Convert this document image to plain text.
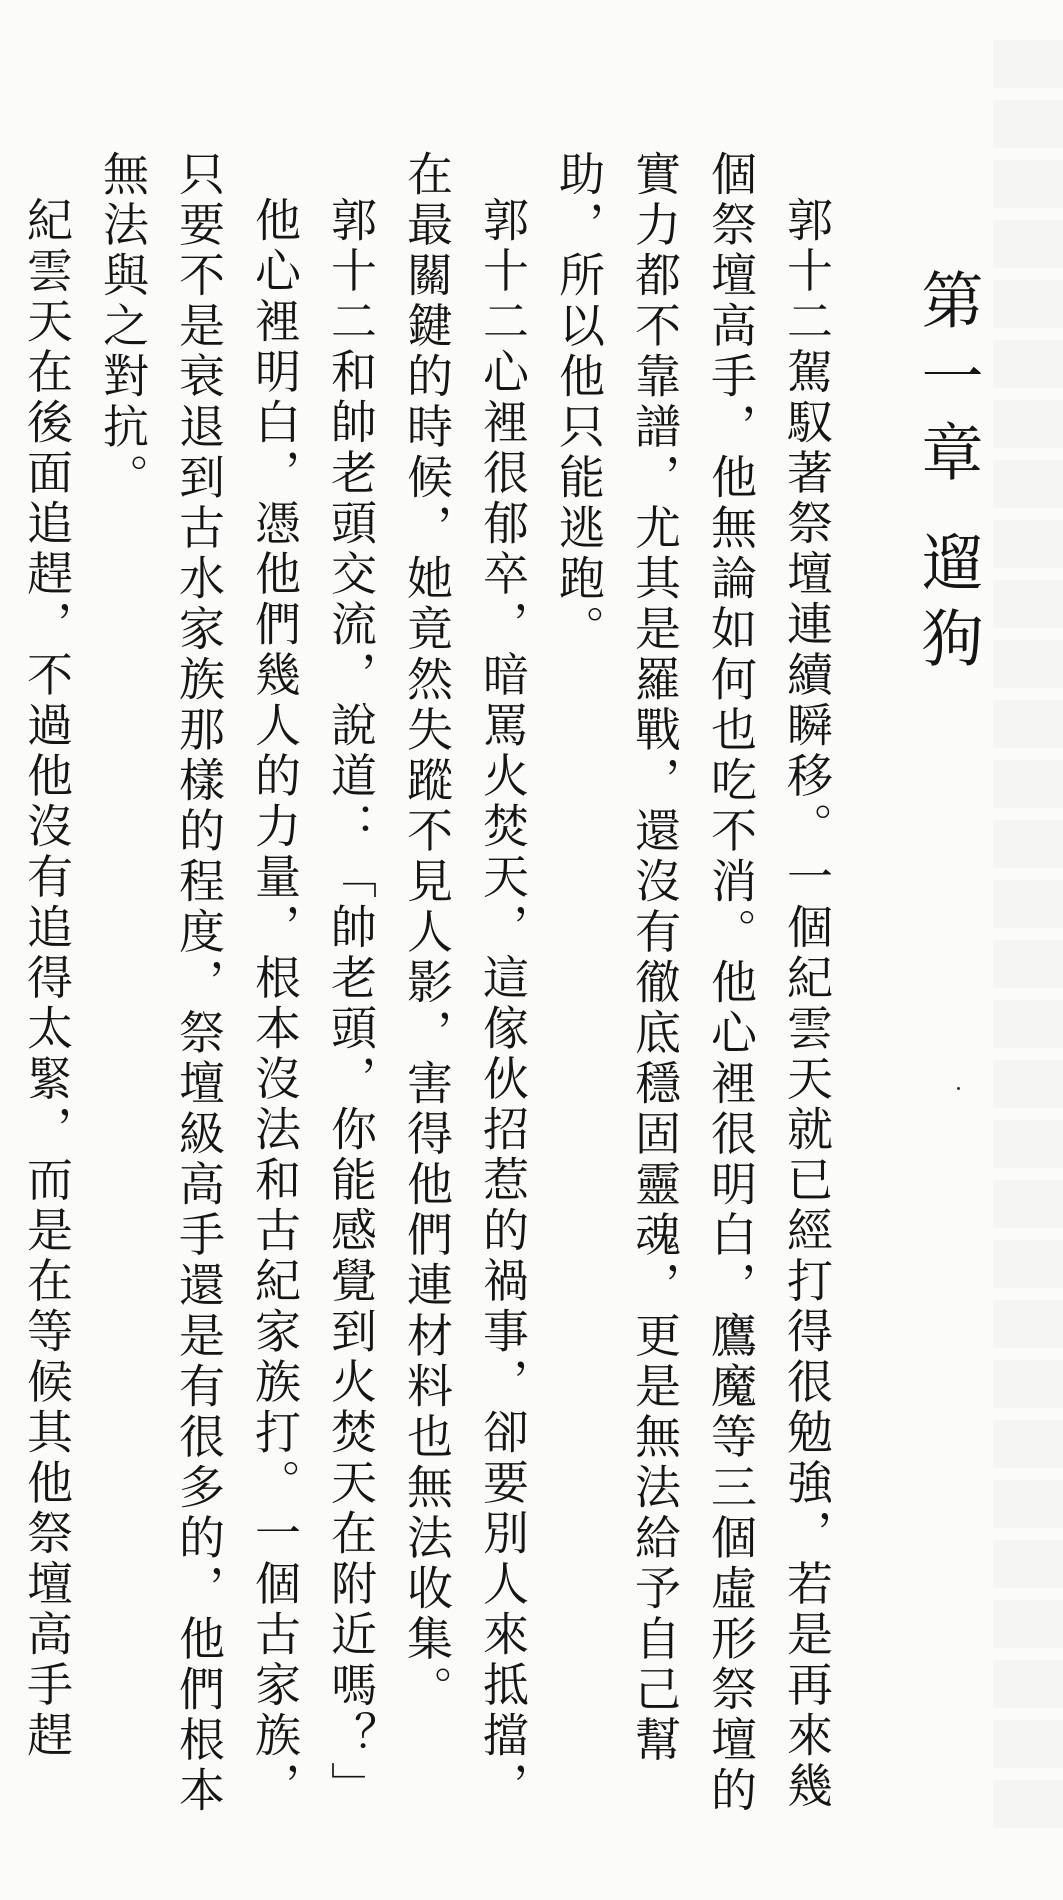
第一章 遛狗

郭十二駕馭著祭壇連續瞬移。一個紀雲天就已經打得很勉強，若是再來幾個祭壇高手，他無論如何也吃不消。他心裡很明白，鷹魔等三個虛形祭壇的實力都不靠譜，尤其是羅戰，還沒有徹底穩固靈魂，更是無法給予自己幫助，所以他只能逃跑。

郭十二心裡很郁卒，暗罵火焚天，這傢伙招惹的禍事，卻要別人來抵擋，在最關鍵的時候，她竟然失蹤不見人影，害得他們連材料也無法收集。

郭十二和帥老頭交流，說道：「帥老頭，你能感覺到火焚天在附近嗎？」

他心裡明白，憑他們幾人的力量，根本沒法和古紀家族打。一個古家族，只要不是衰退到古水家族那樣的程度，祭壇級高手還是有很多的，他們根本無法與之對抗。

紀雲天在後面追趕，不過他沒有追得太緊，而是在等候其他祭壇高手趕
